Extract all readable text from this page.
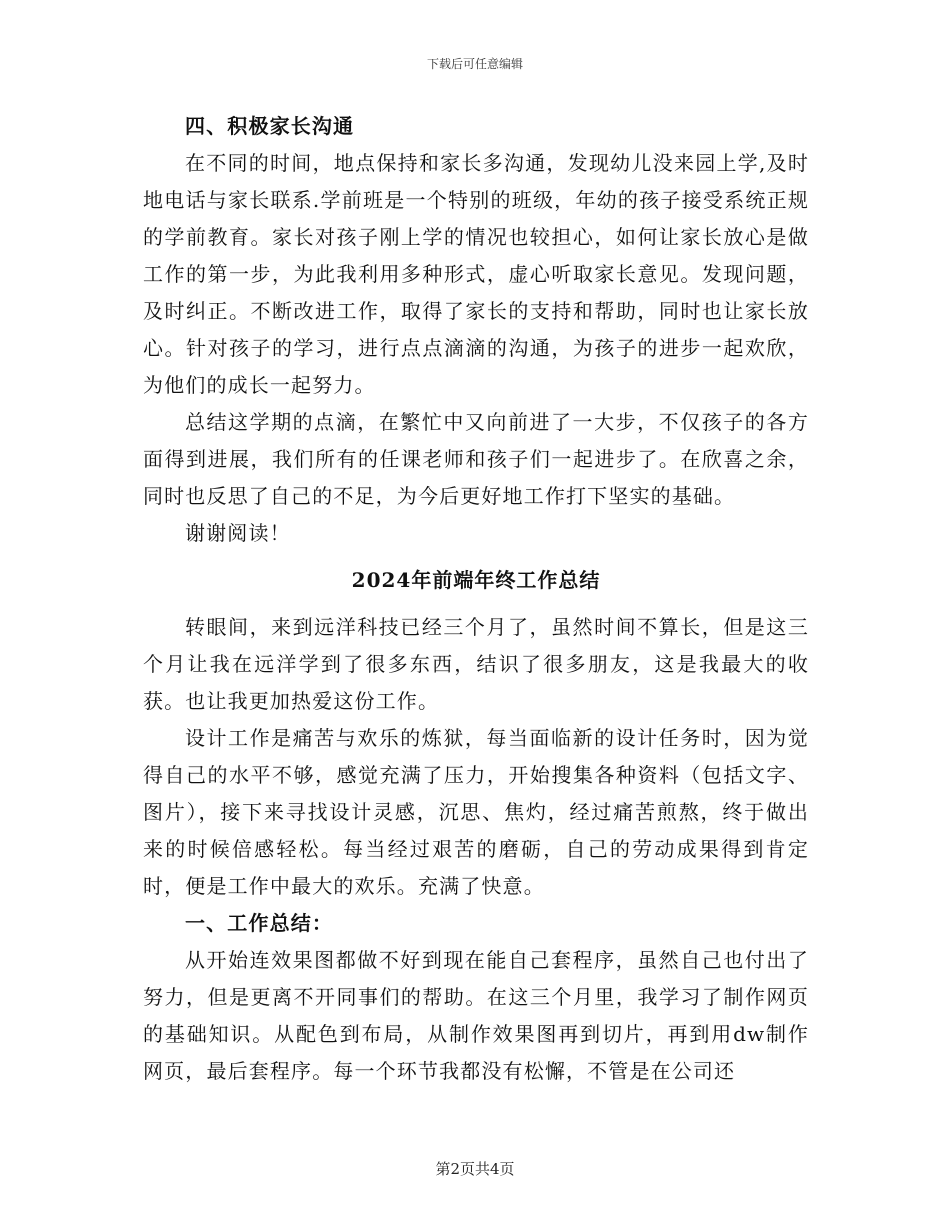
下载后可任意编辑

四、积极家长沟通

在不同的时间，地点保持和家长多沟通，发现幼儿没来园上学,及时地电话与家长联系.学前班是一个特别的班级，年幼的孩子接受系统正规的学前教育。家长对孩子刚上学的情况也较担心，如何让家长放心是做工作的第一步，为此我利用多种形式，虚心听取家长意见。发现问题，及时纠正。不断改进工作，取得了家长的支持和帮助，同时也让家长放心。针对孩子的学习，进行点点滴滴的沟通，为孩子的进步一起欢欣，为他们的成长一起努力。

总结这学期的点滴，在繁忙中又向前进了一大步，不仅孩子的各方面得到进展，我们所有的任课老师和孩子们一起进步了。在欣喜之余，同时也反思了自己的不足，为今后更好地工作打下坚实的基础。

谢谢阅读！

2024年前端年终工作总结

转眼间，来到远洋科技已经三个月了，虽然时间不算长，但是这三个月让我在远洋学到了很多东西，结识了很多朋友，这是我最大的收获。也让我更加热爱这份工作。

设计工作是痛苦与欢乐的炼狱，每当面临新的设计任务时，因为觉得自己的水平不够，感觉充满了压力，开始搜集各种资料（包括文字、图片），接下来寻找设计灵感，沉思、焦灼，经过痛苦煎熬，终于做出来的时候倍感轻松。每当经过艰苦的磨砺，自己的劳动成果得到肯定时，便是工作中最大的欢乐。充满了快意。

一、工作总结：

从开始连效果图都做不好到现在能自己套程序，虽然自己也付出了努力，但是更离不开同事们的帮助。在这三个月里，我学习了制作网页的基础知识。从配色到布局，从制作效果图再到切片，再到用dw制作网页，最后套程序。每一个环节我都没有松懈，不管是在公司还

第2页共4页
